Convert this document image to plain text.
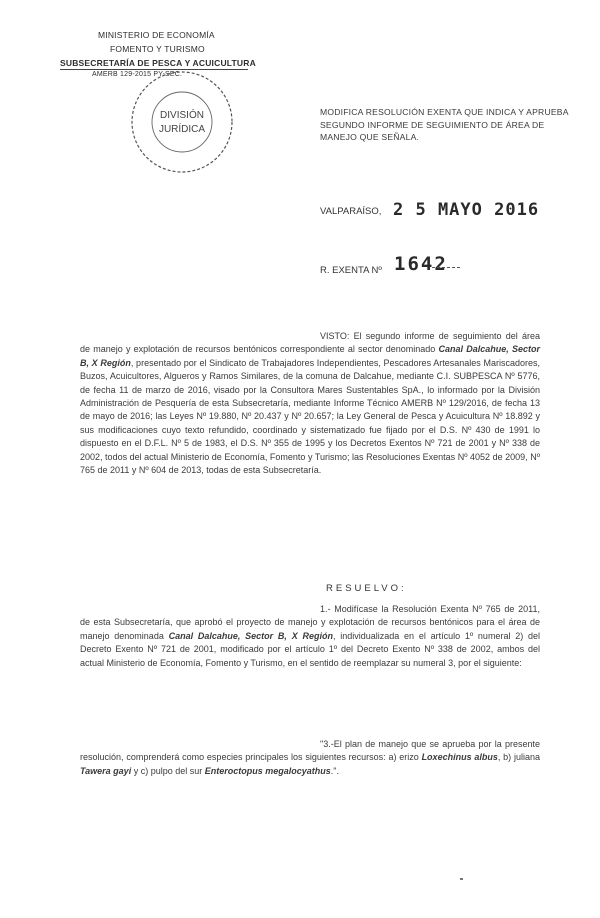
MINISTERIO DE ECONOMÍA
FOMENTO Y TURISMO
SUBSECRETARÍA DE PESCA Y ACUICULTURA
AMERB 129-2015 PY-SEC.
DIVISIÓN
JURÍDICA
MODIFICA RESOLUCIÓN EXENTA QUE INDICA Y APRUEBA SEGUNDO INFORME DE SEGUIMIENTO DE ÁREA DE MANEJO QUE SEÑALA.
VALPARAÍSO, 2 5 MAYO 2016
R. EXENTA Nº 1642
VISTO: El segundo informe de seguimiento del área de manejo y explotación de recursos bentónicos correspondiente al sector denominado Canal Dalcahue, Sector B, X Región, presentado por el Sindicato de Trabajadores Independientes, Pescadores Artesanales Mariscadores, Buzos, Acuicultores, Algueros y Ramos Similares, de la comuna de Dalcahue, mediante C.I. SUBPESCA Nº 5776, de fecha 11 de marzo de 2016, visado por la Consultora Mares Sustentables SpA., lo informado por la División Administración de Pesquería de esta Subsecretaría, mediante Informe Técnico AMERB Nº 129/2016, de fecha 13 de mayo de 2016; las Leyes Nº 19.880, Nº 20.437 y Nº 20.657; la Ley General de Pesca y Acuicultura Nº 18.892 y sus modificaciones cuyo texto refundido, coordinado y sistematizado fue fijado por el D.S. Nº 430 de 1991 lo dispuesto en el D.F.L. Nº 5 de 1983, el D.S. Nº 355 de 1995 y los Decretos Exentos Nº 721 de 2001 y Nº 338 de 2002, todos del actual Ministerio de Economía, Fomento y Turismo; las Resoluciones Exentas Nº 4052 de 2009, Nº 765 de 2011 y Nº 604 de 2013, todas de esta Subsecretaría.
RESUELVO:
1.- Modifícase la Resolución Exenta Nº 765 de 2011, de esta Subsecretaría, que aprobó el proyecto de manejo y explotación de recursos bentónicos para el área de manejo denominada Canal Dalcahue, Sector B, X Región, individualizada en el artículo 1º numeral 2) del Decreto Exento Nº 721 de 2001, modificado por el artículo 1º del Decreto Exento Nº 338 de 2002, ambos del actual Ministerio de Economía, Fomento y Turismo, en el sentido de reemplazar su numeral 3, por el siguiente:
"3.-El plan de manejo que se aprueba por la presente resolución, comprenderá como especies principales los siguientes recursos: a) erizo Loxechinus albus, b) juliana Tawera gayi y c) pulpo del sur Enteroctopus megalocyathus.".
